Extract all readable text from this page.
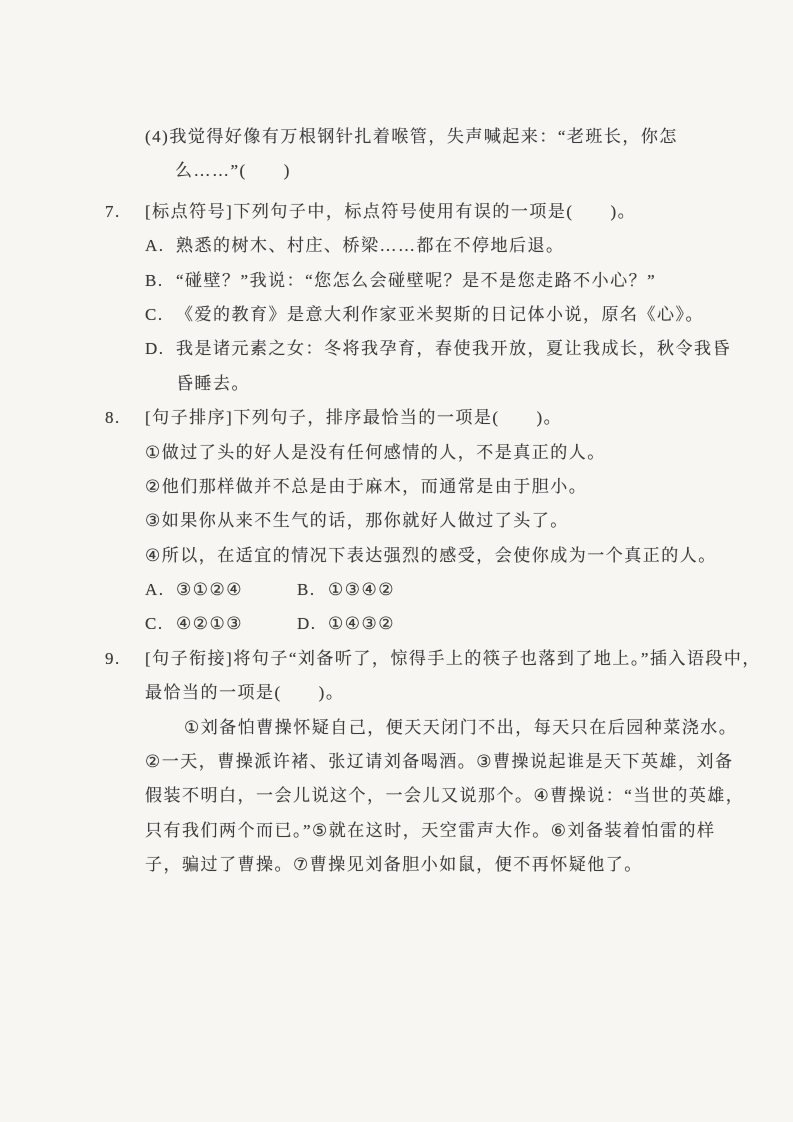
(4)我觉得好像有万根钢针扎着喉管，失声喊起来：“老班长，你怎
么……”(　　)
7.	[标点符号]下列句子中，标点符号使用有误的一项是(　　)。
A. 熟悉的树木、村庄、桥梁……都在不停地后退。
B. “碰壁？”我说：“您怎么会碰壁呢？是不是您走路不小心？”
C. 《爱的教育》是意大利作家亚米契斯的日记体小说，原名《心》。
D. 我是诸元素之女：冬将我孕育，春使我开放，夏让我成长，秋令我昏
昏睡去。
8.	[句子排序]下列句子，排序最恰当的一项是(　　)。
①做过了头的好人是没有任何感情的人，不是真正的人。
②他们那样做并不总是由于麻木，而通常是由于胆小。
③如果你从来不生气的话，那你就好人做过了头了。
④所以，在适宜的情况下表达强烈的感受，会使你成为一个真正的人。
A. ③①②④	B. ①③④②
C. ④②①③	D. ①④③②
9.	[句子衔接]将句子“刘备听了，惊得手上的筷子也落到了地上。”插入语段中，
最恰当的一项是(　　)。
①刘备怕曹操怀疑自己，便天天闭门不出，每天只在后园种菜浇水。
②一天，曹操派许褚、张辽请刘备喝酒。③曹操说起谁是天下英雄，刘备
假装不明白，一会儿说这个，一会儿又说那个。④曹操说：“当世的英雄，
只有我们两个而已。”⑤就在这时，天空雷声大作。⑥刘备装着怕雷的样
子，骗过了曹操。⑦曹操见刘备胆小如鼠，便不再怀疑他了。
